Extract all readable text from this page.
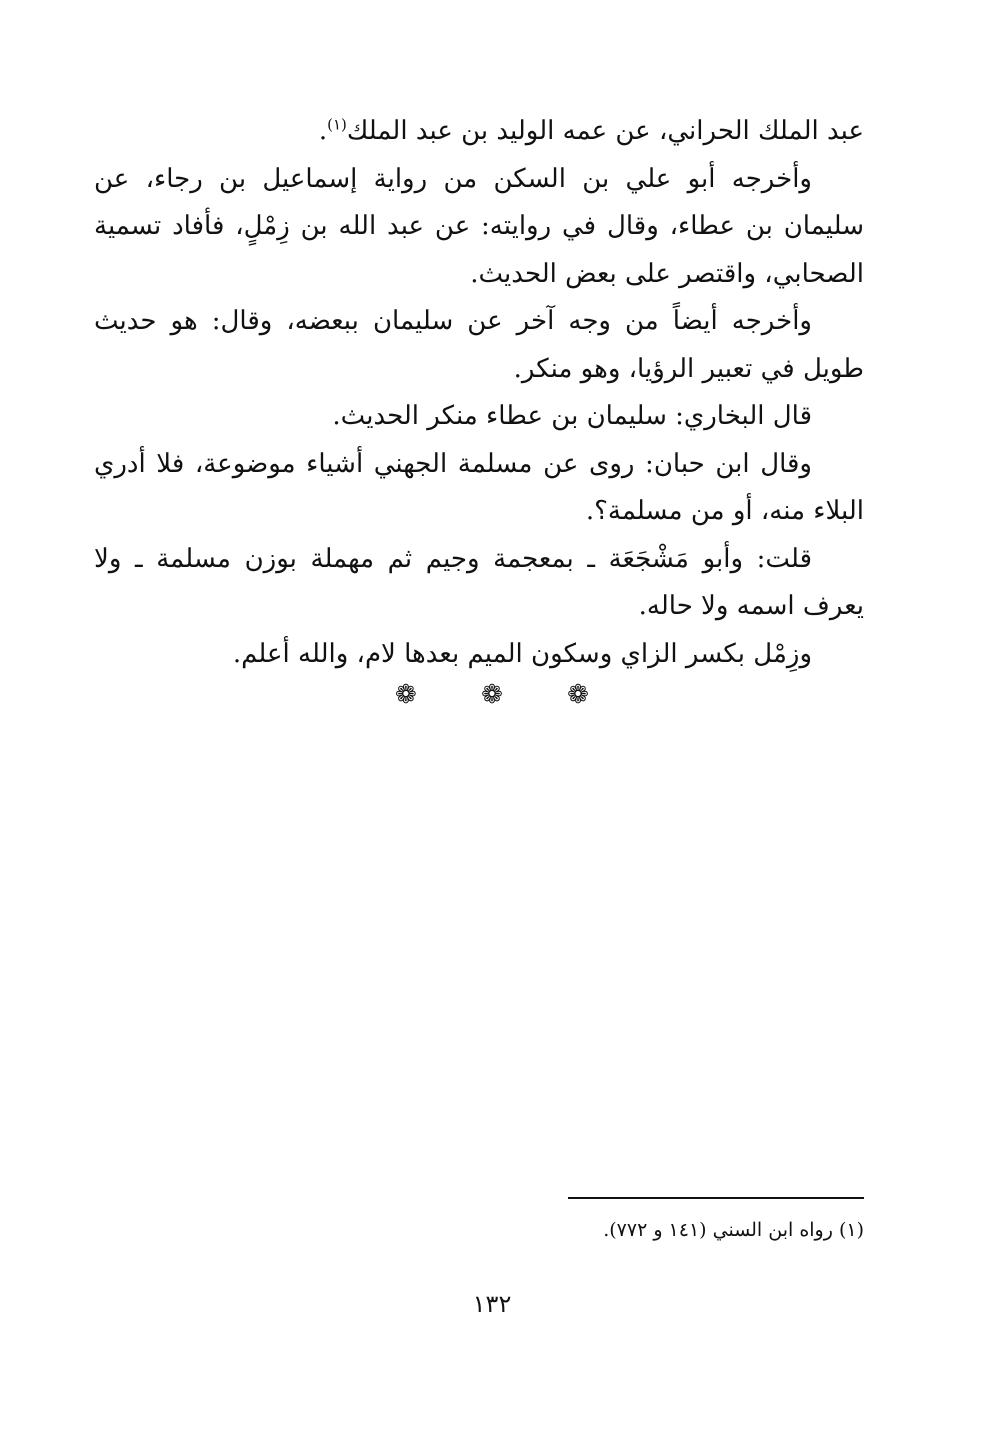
عبد الملك الحراني، عن عمه الوليد بن عبد الملك$^{(١)}$.

وأخرجه أبو علي بن السكن من رواية إسماعيل بن رجاء، عن سليمان بن عطاء، وقال في روايته: عن عبد الله بن زِمْلٍ، فأفاد تسمية الصحابي، واقتصر على بعض الحديث.

وأخرجه أيضاً من وجه آخر عن سليمان ببعضه، وقال: هو حديث طويل في تعبير الرؤيا، وهو منكر.

قال البخاري: سليمان بن عطاء منكر الحديث.

وقال ابن حبان: روى عن مسلمة الجهني أشياء موضوعة، فلا أدري البلاء منه، أو من مسلمة؟.

قلت: وأبو مَشْجَعَة ـ بمعجمة وجيم ثم مهملة بوزن مسلمة ـ ولا يعرف اسمه ولا حاله.

وزِمْل بكسر الزاي وسكون الميم بعدها لام، والله أعلم.

❁ ❁ ❁
(١) رواه ابن السني (١٤١ و ٧٧٢).
١٣٢
